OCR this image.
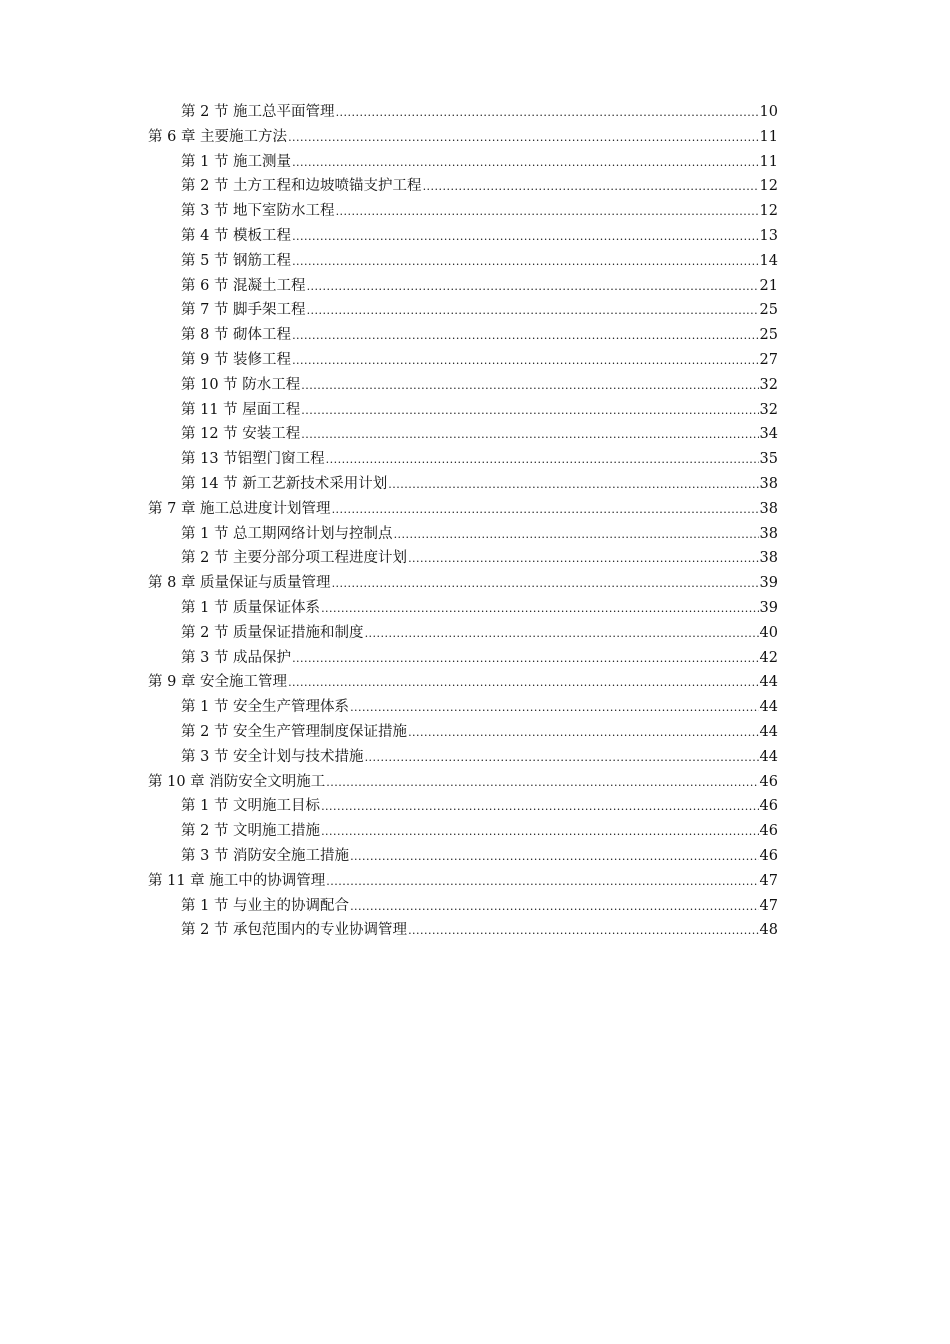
第 2 节 施工总平面管理 .....	10
第 6 章 主要施工方法 .....	11
第 1 节 施工测量 .....	11
第 2 节 土方工程和边坡喷锚支护工程 .....	12
第 3 节 地下室防水工程 .....	12
第 4 节 模板工程 .....	13
第 5 节 钢筋工程 .....	14
第 6 节 混凝土工程 .....	21
第 7 节 脚手架工程 .....	25
第 8 节 砌体工程 .....	25
第 9 节 装修工程 .....	27
第 10 节 防水工程 .....	32
第 11 节 屋面工程 .....	32
第 12 节 安装工程 .....	34
第 13 节铝塑门窗工程 .....	35
第 14 节 新工艺新技术采用计划 .....	38
第 7 章 施工总进度计划管理 .....	38
第 1 节 总工期网络计划与控制点 .....	38
第 2 节 主要分部分项工程进度计划 .....	38
第 8 章 质量保证与质量管理 .....	39
第 1 节 质量保证体系 .....	39
第 2 节 质量保证措施和制度 .....	40
第 3 节 成品保护 .....	42
第 9 章 安全施工管理 .....	44
第 1 节 安全生产管理体系 .....	44
第 2 节 安全生产管理制度保证措施 .....	44
第 3 节 安全计划与技术措施 .....	44
第 10 章 消防安全文明施工 .....	46
第 1 节 文明施工目标 .....	46
第 2 节 文明施工措施 .....	46
第 3 节 消防安全施工措施 .....	46
第 11 章 施工中的协调管理 .....	47
第 1 节 与业主的协调配合 .....	47
第 2 节 承包范围内的专业协调管理 .....	48
